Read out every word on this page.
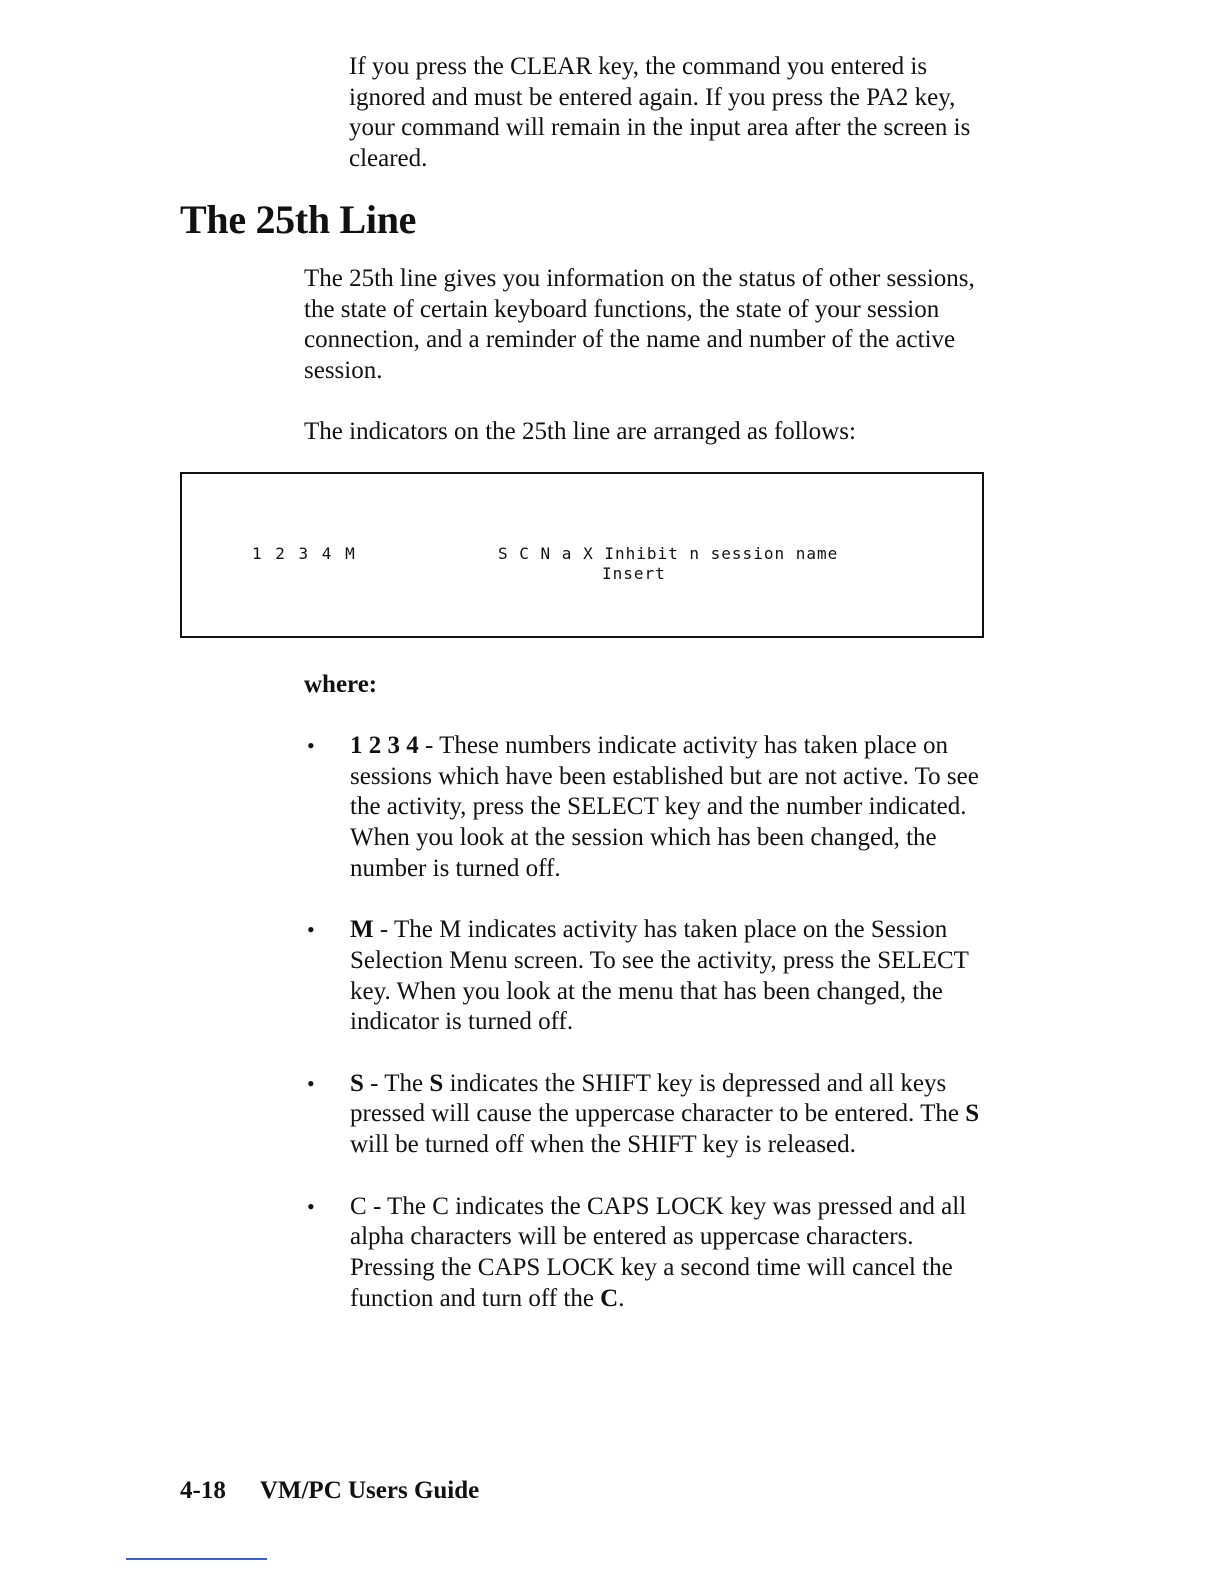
If you press the CLEAR key, the command you entered is ignored and must be entered again. If you press the PA2 key, your command will remain in the input area after the screen is cleared.

The 25th Line

The 25th line gives you information on the status of other sessions, the state of certain keyboard functions, the state of your session connection, and a reminder of the name and number of the active session.

The indicators on the 25th line are arranged as follows:

1 2 3 4 M	S C N a X Inhibit n session name
Insert

where:

• 1 2 3 4 - These numbers indicate activity has taken place on sessions which have been established but are not active. To see the activity, press the SELECT key and the number indicated. When you look at the session which has been changed, the number is turned off.
• M - The M indicates activity has taken place on the Session Selection Menu screen. To see the activity, press the SELECT key. When you look at the menu that has been changed, the indicator is turned off.
• S - The S indicates the SHIFT key is depressed and all keys pressed will cause the uppercase character to be entered. The S will be turned off when the SHIFT key is released.
• C - The C indicates the CAPS LOCK key was pressed and all alpha characters will be entered as uppercase characters. Pressing the CAPS LOCK key a second time will cancel the function and turn off the C.
4-18 VM/PC Users Guide
